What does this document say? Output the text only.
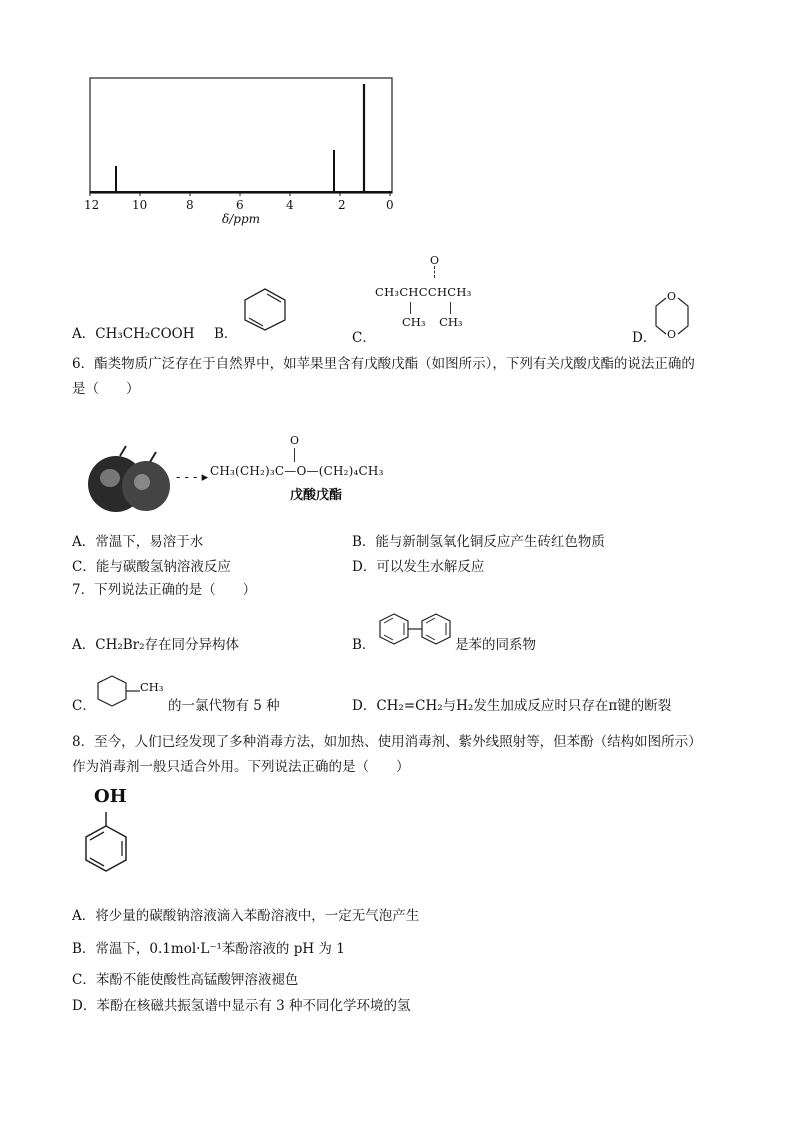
12	10	8	6	4	2	0
δ/ppm
A．CH₃CH₂COOH B．	C．
O
CH₃CHCCHCH₃
CH₃ CH₃
D．
O
O
6．酯类物质广泛存在于自然界中，如苹果里含有戊酸戊酯（如图所示），下列有关戊酸戊酯的说法正确的
是（　　）
- - - ▸
O
CH₃(CH₂)₃C—O—(CH₂)₄CH₃
戊酸戊酯
A．常温下，易溶于水	B．能与新制氢氧化铜反应产生砖红色物质
C．能与碳酸氢钠溶液反应	D．可以发生水解反应
7．下列说法正确的是（　　）
A．CH₂Br₂存在同分异构体	B．	是苯的同系物
C．
CH₃
的一氯代物有 5 种	D．CH₂=CH₂与H₂发生加成反应时只存在π键的断裂
8．至今，人们已经发现了多种消毒方法，如加热、使用消毒剂、紫外线照射等，但苯酚（结构如图所示）
作为消毒剂一般只适合外用。下列说法正确的是（　　）
OH
A．将少量的碳酸钠溶液滴入苯酚溶液中，一定无气泡产生
B．常温下，0.1mol·L⁻¹苯酚溶液的 pH 为 1
C．苯酚不能使酸性高锰酸钾溶液褪色
D．苯酚在核磁共振氢谱中显示有 3 种不同化学环境的氢
